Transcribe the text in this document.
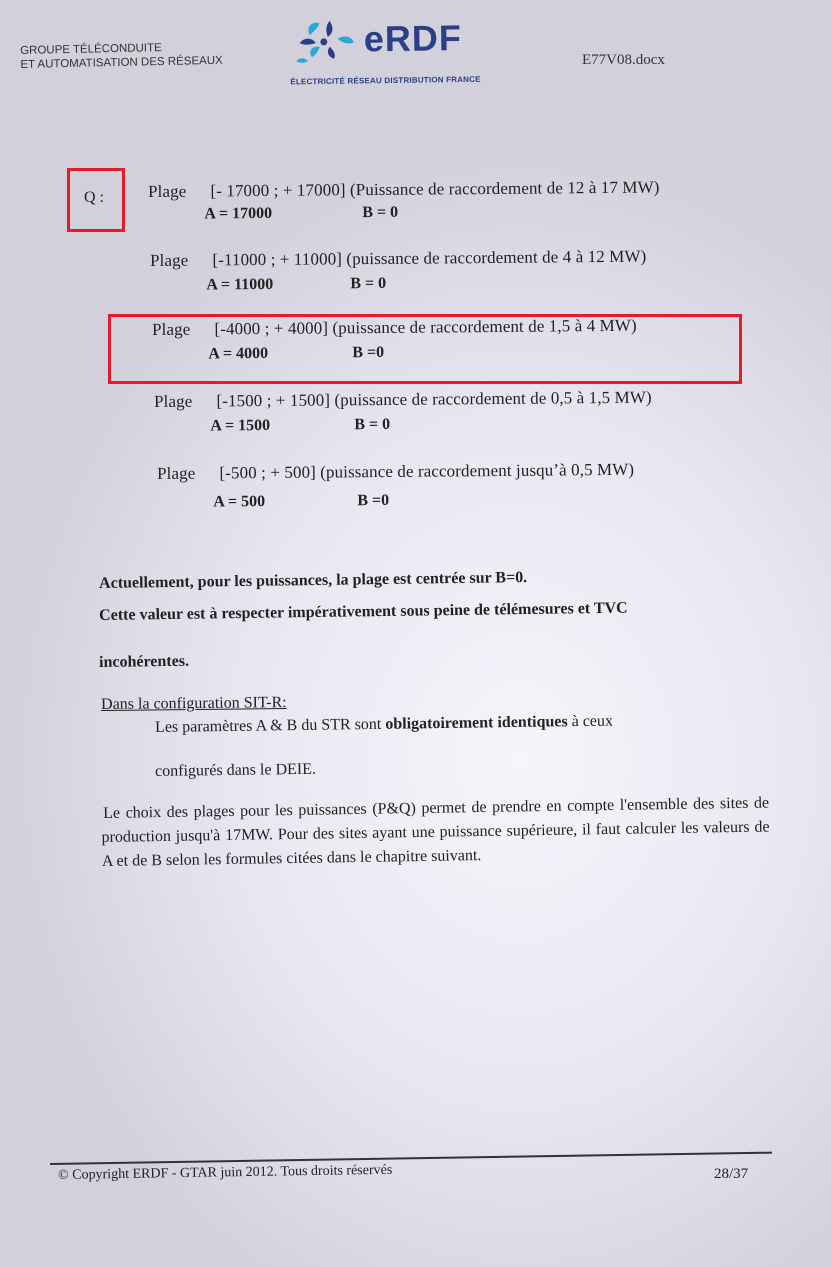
GROUPE TÉLÉCONDUITE
ET AUTOMATISATION DES RÉSEAUX
eRDF
ÉLECTRICITÉ RÉSEAU DISTRIBUTION FRANCE
E77V08.docx
Q :	Plage [- 17000 ; + 17000] (Puissance de raccordement de 12 à 17 MW)
A = 17000	B = 0
Plage [-11000 ; + 11000] (puissance de raccordement de 4 à 12 MW)
A = 11000	B = 0
Plage [-4000 ; + 4000] (puissance de raccordement de 1,5 à 4 MW)
A = 4000	B =0
Plage [-1500 ; + 1500] (puissance de raccordement de 0,5 à 1,5 MW)
A = 1500	B = 0
Plage [-500 ; + 500] (puissance de raccordement jusqu’à 0,5 MW)
A = 500	B =0
Actuellement, pour les puissances, la plage est centrée sur B=0.
Cette valeur est à respecter impérativement sous peine de télémesures et TVC
incohérentes.
Dans la configuration SIT-R:
Les paramètres A & B du STR sont obligatoirement identiques à ceux
configurés dans le DEIE.

Le choix des plages pour les puissances (P&Q) permet de prendre en compte l'ensemble des sites de production jusqu'à 17MW. Pour des sites ayant une puissance supérieure, il faut calculer les valeurs de A et de B selon les formules citées dans le chapitre suivant.

© Copyright ERDF - GTAR juin 2012. Tous droits réservés	28/37
